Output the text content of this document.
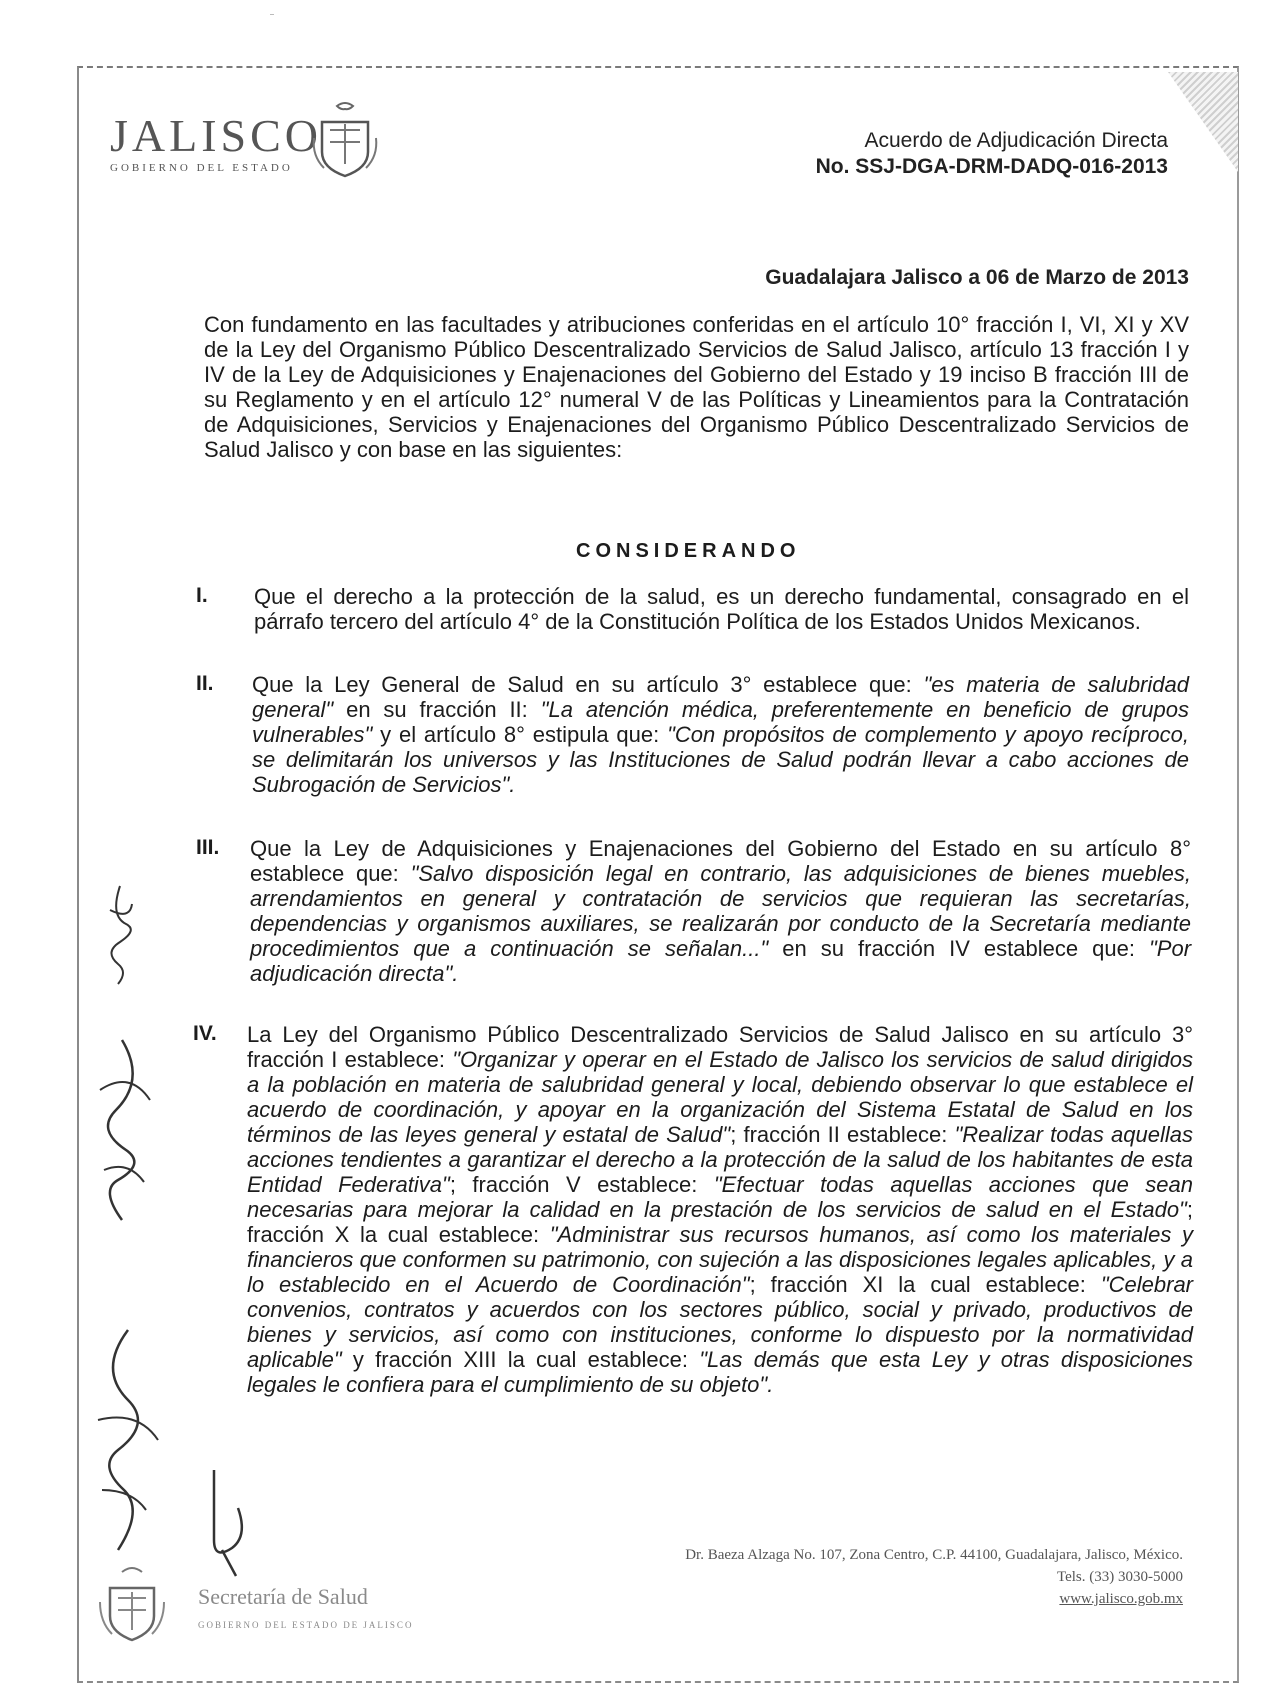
JALISCO
GOBIERNO DEL ESTADO
Acuerdo de Adjudicación Directa
No. SSJ-DGA-DRM-DADQ-016-2013
Guadalajara Jalisco a 06 de Marzo de 2013

Con fundamento en las facultades y atribuciones conferidas en el artículo 10° fracción I, VI, XI y XV de la Ley del Organismo Público Descentralizado Servicios de Salud Jalisco, artículo 13 fracción I y IV de la Ley de Adquisiciones y Enajenaciones del Gobierno del Estado y 19 inciso B fracción III de su Reglamento y en el artículo 12° numeral V de las Políticas y Lineamientos para la Contratación de Adquisiciones, Servicios y Enajenaciones del Organismo Público Descentralizado Servicios de Salud Jalisco y con base en las siguientes:

CONSIDERANDO
I. Que el derecho a la protección de la salud, es un derecho fundamental, consagrado en el párrafo tercero del artículo 4° de la Constitución Política de los Estados Unidos Mexicanos.

II. Que la Ley General de Salud en su artículo 3° establece que: "es materia de salubridad general" en su fracción II: "La atención médica, preferentemente en beneficio de grupos vulnerables" y el artículo 8° estipula que: "Con propósitos de complemento y apoyo recíproco, se delimitarán los universos y las Instituciones de Salud podrán llevar a cabo acciones de Subrogación de Servicios".

III. Que la Ley de Adquisiciones y Enajenaciones del Gobierno del Estado en su artículo 8° establece que: "Salvo disposición legal en contrario, las adquisiciones de bienes muebles, arrendamientos en general y contratación de servicios que requieran las secretarías, dependencias y organismos auxiliares, se realizarán por conducto de la Secretaría mediante procedimientos que a continuación se señalan..." en su fracción IV establece que: "Por adjudicación directa".

IV. La Ley del Organismo Público Descentralizado Servicios de Salud Jalisco en su artículo 3° fracción I establece: "Organizar y operar en el Estado de Jalisco los servicios de salud dirigidos a la población en materia de salubridad general y local, debiendo observar lo que establece el acuerdo de coordinación, y apoyar en la organización del Sistema Estatal de Salud en los términos de las leyes general y estatal de Salud"; fracción II establece: "Realizar todas aquellas acciones tendientes a garantizar el derecho a la protección de la salud de los habitantes de esta Entidad Federativa"; fracción V establece: "Efectuar todas aquellas acciones que sean necesarias para mejorar la calidad en la prestación de los servicios de salud en el Estado"; fracción X la cual establece: "Administrar sus recursos humanos, así como los materiales y financieros que conformen su patrimonio, con sujeción a las disposiciones legales aplicables, y a lo establecido en el Acuerdo de Coordinación"; fracción XI la cual establece: "Celebrar convenios, contratos y acuerdos con los sectores público, social y privado, productivos de bienes y servicios, así como con instituciones, conforme lo dispuesto por la normatividad aplicable" y fracción XIII la cual establece: "Las demás que esta Ley y otras disposiciones legales le confiera para el cumplimiento de su objeto".

Secretaría de Salud
GOBIERNO DEL ESTADO DE JALISCO
Dr. Baeza Alzaga No. 107, Zona Centro, C.P. 44100, Guadalajara, Jalisco, México.
Tels. (33) 3030-5000
www.jalisco.gob.mx
